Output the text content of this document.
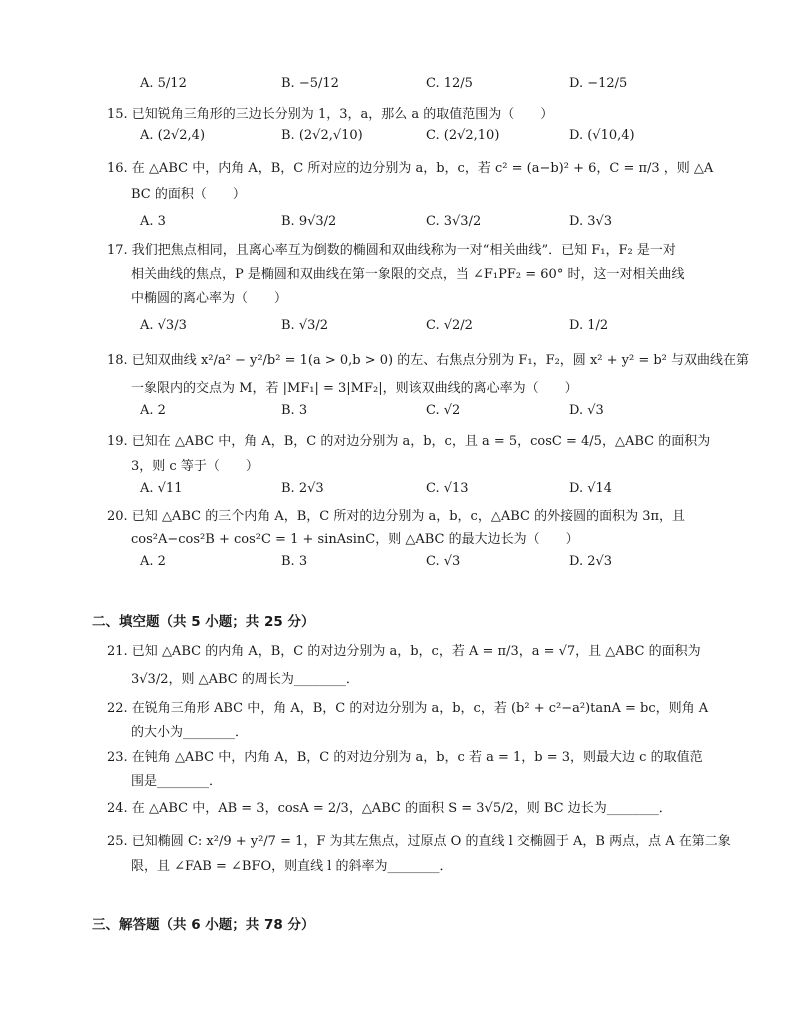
A. 5/12	B. −5/12	C. 12/5	D. −12/5
15. 已知锐角三角形的三边长分别为 1，3，a，那么 a 的取值范围为（　　）
A. (2√2,4)	B. (2√2,√10)	C. (2√2,10)	D. (√10,4)
16. 在 △ABC 中，内角 A，B，C 所对应的边分别为 a，b，c，若 c² = (a−b)² + 6，C = π/3 ，则 △A
BC 的面积（　　）
A. 3	B. 9√3/2	C. 3√3/2	D. 3√3
17. 我们把焦点相同，且离心率互为倒数的椭圆和双曲线称为一对“相关曲线”．已知 F₁，F₂ 是一对
相关曲线的焦点，P 是椭圆和双曲线在第一象限的交点，当 ∠F₁PF₂ = 60° 时，这一对相关曲线
中椭圆的离心率为（　　）
A. √3/3	B. √3/2	C. √2/2	D. 1/2
18. 已知双曲线 x²/a² − y²/b² = 1(a > 0,b > 0) 的左、右焦点分别为 F₁，F₂，圆 x² + y² = b² 与双曲线在第
一象限内的交点为 M，若 |MF₁| = 3|MF₂|，则该双曲线的离心率为（　　）
A. 2	B. 3	C. √2	D. √3
19. 已知在 △ABC 中，角 A，B，C 的对边分别为 a，b，c，且 a = 5，cosC = 4/5，△ABC 的面积为
3，则 c 等于（　　）
A. √11	B. 2√3	C. √13	D. √14
20. 已知 △ABC 的三个内角 A，B，C 所对的边分别为 a，b，c，△ABC 的外接圆的面积为 3π，且
cos²A−cos²B + cos²C = 1 + sinAsinC，则 △ABC 的最大边长为（　　）
A. 2	B. 3	C. √3	D. 2√3
二、填空题（共 5 小题；共 25 分）
21. 已知 △ABC 的内角 A，B，C 的对边分别为 a，b，c，若 A = π/3，a = √7，且 △ABC 的面积为
3√3/2，则 △ABC 的周长为________．
22. 在锐角三角形 ABC 中，角 A，B，C 的对边分别为 a，b，c，若 (b² + c²−a²)tanA = bc，则角 A
的大小为________．
23. 在钝角 △ABC 中，内角 A，B，C 的对边分别为 a，b，c 若 a = 1，b = 3，则最大边 c 的取值范
围是________．
24. 在 △ABC 中，AB = 3，cosA = 2/3，△ABC 的面积 S = 3√5/2，则 BC 边长为________．
25. 已知椭圆 C: x²/9 + y²/7 = 1，F 为其左焦点，过原点 O 的直线 l 交椭圆于 A，B 两点，点 A 在第二象
限，且 ∠FAB = ∠BFO，则直线 l 的斜率为________．
三、解答题（共 6 小题；共 78 分）
